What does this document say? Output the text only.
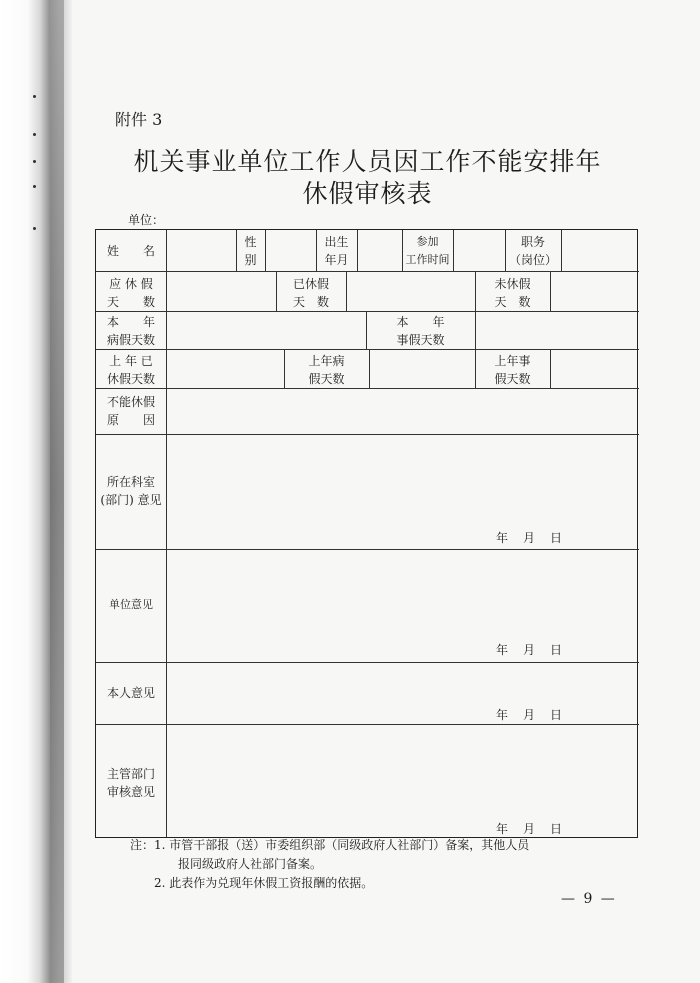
附件 3
机关事业单位工作人员因工作不能安排年
休假审核表
单位：
姓　　名
性
别
出生
年月
参加
工作时间
职务
（岗位）
应 休 假
天　　数
已休假
天　数
未休假
天　数
本　　年
病假天数
本　　年
事假天数
上 年 已
休假天数
上年病
假天数
上年事
假天数
不能休假
原　　因
所在科室
(部门) 意见
年月日
单位意见
年月日
本人意见
年月日
主管部门
审核意见
年月日
注：1. 市管干部报（送）市委组织部（同级政府人社部门）备案，其他人员
报同级政府人社部门备案。
2. 此表作为兑现年休假工资报酬的依据。
— 9 —
